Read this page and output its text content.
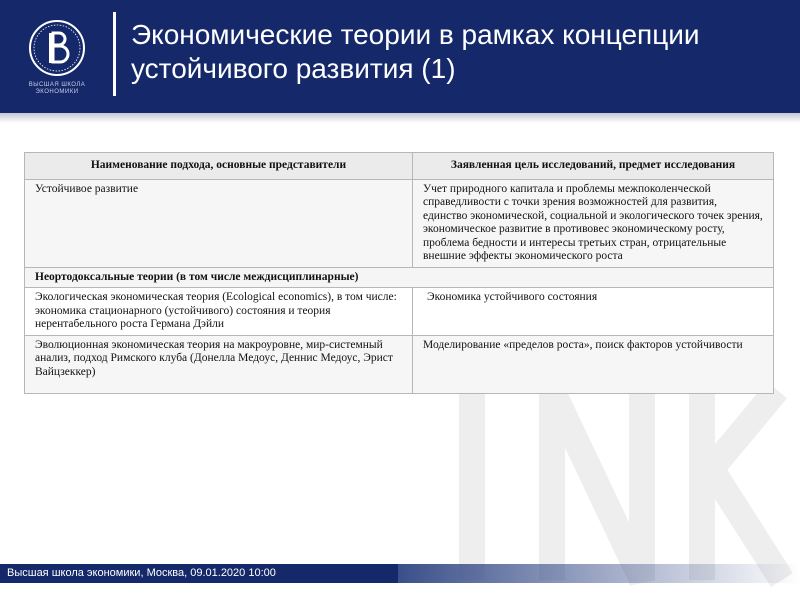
ВЫСШАЯ ШКОЛА ЭКОНОМИКИ
Экономические теории в рамках концепции
устойчивого развития (1)
Наименование подхода, основные представители	Заявленная цель исследований, предмет исследования
Устойчивое развитие	Учет природного капитала и проблемы межпоколенческой справедливости с точки зрения возможностей для развития, единство экономической, социальной и экологического точек зрения, экономическое развитие в противовес экономическому росту, проблема бедности и интересы третьих стран, отрицательные внешние эффекты экономического роста
Неортодоксальные теории (в том числе междисциплинарные)	
Экологическая экономическая теория (Ecological economics), в том числе: экономика стационарного (устойчивого) состояния и теория нерентабельного роста Германа Дэйли	Экономика устойчивого состояния
Эволюционная экономическая теория на макроуровне, мир-системный анализ, подход Римского клуба (Донелла Медоус, Деннис Медоус, Эрист Вайцзеккер)	Моделирование «пределов роста», поиск факторов устойчивости
Высшая школа экономики, Москва, 09.01.2020 10:00
